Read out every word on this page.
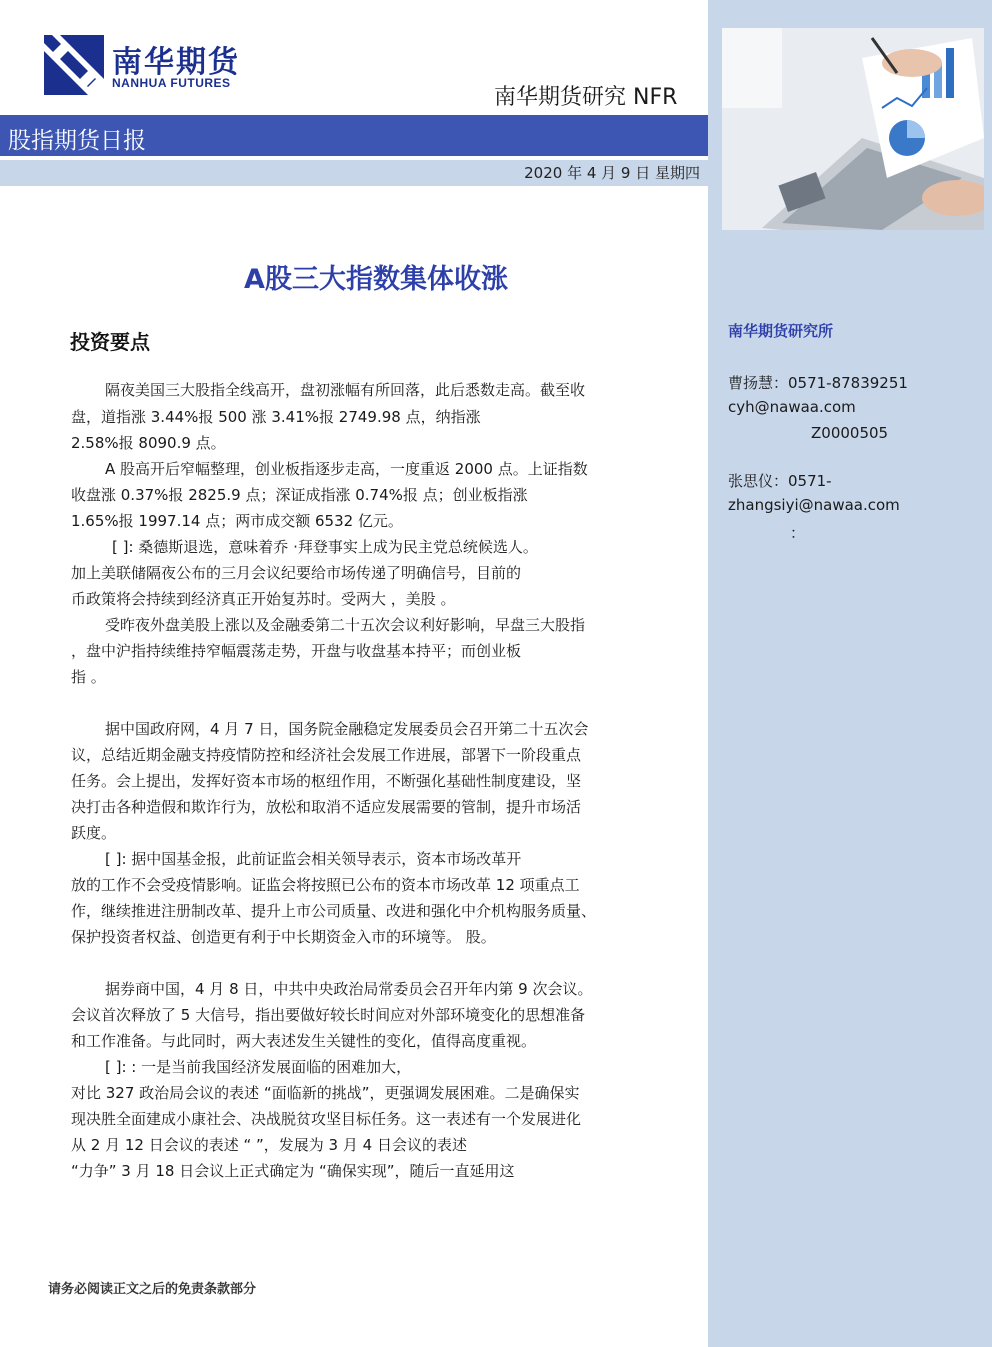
南华期货
NANHUA FUTURES
南华期货研究 NFR
股指期货日报
2020 年 4 月 9 日 星期四
A股三大指数集体收涨
投资要点
隔夜美国三大股指全线高开，盘初涨幅有所回落，此后悉数走高。截至收
盘，道指涨 3.44%报 500 涨 3.41%报 2749.98 点，纳指涨
2.58%报 8090.9 点。
A 股高开后窄幅整理，创业板指逐步走高，一度重返 2000 点。上证指数
收盘涨 0.37%报 2825.9 点；深证成指涨 0.74%报 点；创业板指涨
1.65%报 1997.14 点；两市成交额 6532 亿元。
[ ]: 桑德斯退选，意味着乔 ·拜登事实上成为民主党总统候选人。
加上美联储隔夜公布的三月会议纪要给市场传递了明确信号，目前的
币政策将会持续到经济真正开始复苏时。受两大 ，美股 。
受昨夜外盘美股上涨以及金融委第二十五次会议利好影响，早盘三大股指
，盘中沪指持续维持窄幅震荡走势，开盘与收盘基本持平；而创业板
指 。
据中国政府网，4 月 7 日，国务院金融稳定发展委员会召开第二十五次会
议，总结近期金融支持疫情防控和经济社会发展工作进展，部署下一阶段重点
任务。会上提出，发挥好资本市场的枢纽作用，不断强化基础性制度建设，坚
决打击各种造假和欺诈行为，放松和取消不适应发展需要的管制，提升市场活
跃度。
[ ]: 据中国基金报，此前证监会相关领导表示，资本市场改革开
放的工作不会受疫情影响。证监会将按照已公布的资本市场改革 12 项重点工
作，继续推进注册制改革、提升上市公司质量、改进和强化中介机构服务质量、
保护投资者权益、创造更有利于中长期资金入市的环境等。 股。
据券商中国，4 月 8 日，中共中央政治局常委员会召开年内第 9 次会议。
会议首次释放了 5 大信号，指出要做好较长时间应对外部环境变化的思想准备
和工作准备。与此同时，两大表述发生关键性的变化，值得高度重视。
[ ]: : 一是当前我国经济发展面临的困难加大，
对比 327 政治局会议的表述 “面临新的挑战”，更强调发展困难。二是确保实
现决胜全面建成小康社会、决战脱贫攻坚目标任务。这一表述有一个发展进化
从 2 月 12 日会议的表述 “ ”，发展为 3 月 4 日会议的表述
“力争” 3 月 18 日会议上正式确定为 “确保实现”，随后一直延用这
请务必阅读正文之后的免责条款部分
南华期货研究所
曹扬慧：0571-87839251
cyh@nawaa.com
Z0000505
张思仪：0571-
zhangsiyi@nawaa.com
：
